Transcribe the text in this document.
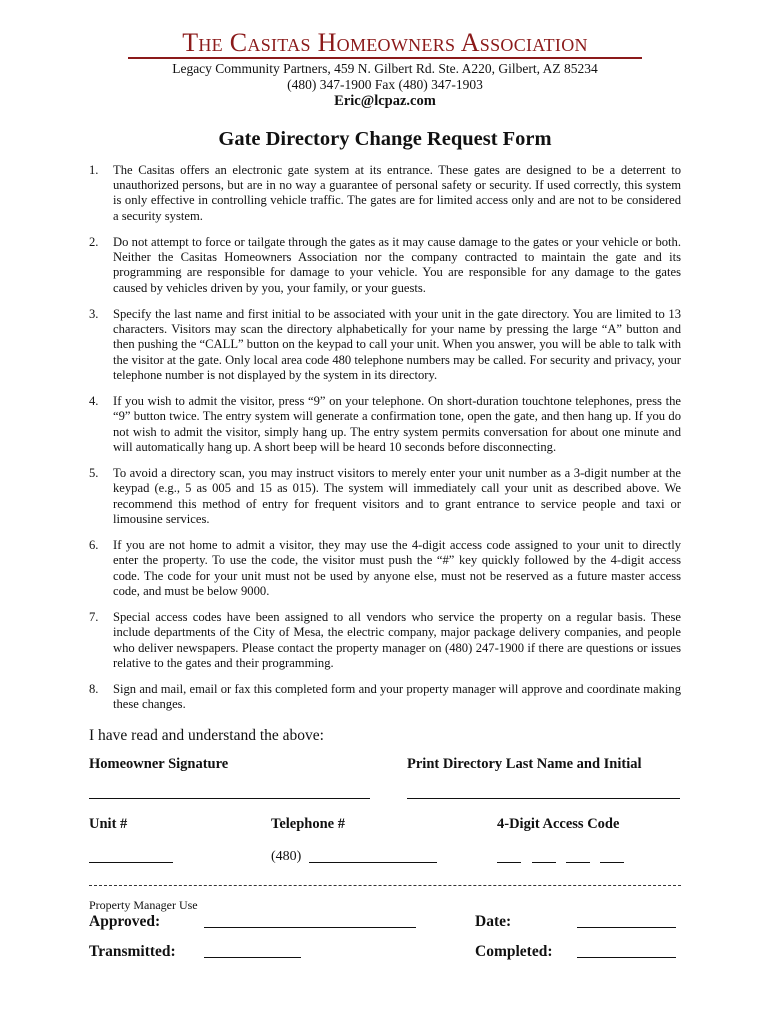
The Casitas Homeowners Association
Legacy Community Partners, 459 N. Gilbert Rd. Ste. A220, Gilbert, AZ 85234
(480) 347-1900 Fax (480) 347-1903
Eric@lcpaz.com
Gate Directory Change Request Form
1. The Casitas offers an electronic gate system at its entrance. These gates are designed to be a deterrent to unauthorized persons, but are in no way a guarantee of personal safety or security. If used correctly, this system is only effective in controlling vehicle traffic. The gates are for limited access only and are not to be considered a security system.
2. Do not attempt to force or tailgate through the gates as it may cause damage to the gates or your vehicle or both. Neither the Casitas Homeowners Association nor the company contracted to maintain the gate and its programming are responsible for damage to your vehicle. You are responsible for any damage to the gates caused by vehicles driven by you, your family, or your guests.
3. Specify the last name and first initial to be associated with your unit in the gate directory. You are limited to 13 characters. Visitors may scan the directory alphabetically for your name by pressing the large “A” button and then pushing the “CALL” button on the keypad to call your unit. When you answer, you will be able to talk with the visitor at the gate. Only local area code 480 telephone numbers may be called. For security and privacy, your telephone number is not displayed by the system in its directory.
4. If you wish to admit the visitor, press “9” on your telephone. On short-duration touchtone telephones, press the “9” button twice. The entry system will generate a confirmation tone, open the gate, and then hang up. If you do not wish to admit the visitor, simply hang up. The entry system permits conversation for about one minute and will automatically hang up. A short beep will be heard 10 seconds before disconnecting.
5. To avoid a directory scan, you may instruct visitors to merely enter your unit number as a 3-digit number at the keypad (e.g., 5 as 005 and 15 as 015). The system will immediately call your unit as described above. We recommend this method of entry for frequent visitors and to grant entrance to service people and taxi or limousine services.
6. If you are not home to admit a visitor, they may use the 4-digit access code assigned to your unit to directly enter the property. To use the code, the visitor must push the “#” key quickly followed by the 4-digit access code. The code for your unit must not be used by anyone else, must not be reserved as a future master access code, and must be below 9000.
7. Special access codes have been assigned to all vendors who service the property on a regular basis. These include departments of the City of Mesa, the electric company, major package delivery companies, and people who deliver newspapers. Please contact the property manager on (480) 247-1900 if there are questions or issues relative to the gates and their programming.
8. Sign and mail, email or fax this completed form and your property manager will approve and coordinate making these changes.
I have read and understand the above:
Homeowner Signature	Print Directory Last Name and Initial
Unit #	Telephone #	4-Digit Access Code
(480)
Property Manager Use
Approved:	Date:
Transmitted:	Completed:
